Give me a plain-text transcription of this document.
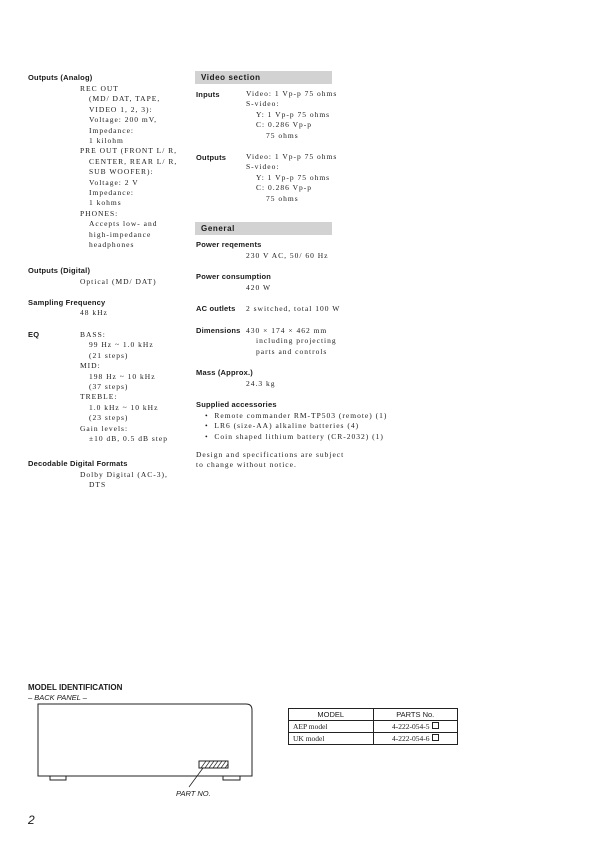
Outputs (Analog)
REC OUT
(MD/ DAT, TAPE,
VIDEO 1, 2, 3):
Voltage: 200 mV,
Impedance:
1 kilohm
PRE OUT (FRONT L/ R,
CENTER, REAR L/ R,
SUB WOOFER):
Voltage: 2 V
Impedance:
1 kohms
PHONES:
Accepts low- and
high-impedance
headphones
Outputs (Digital)
Optical (MD/ DAT)
Sampling Frequency
48 kHz
EQ	BASS:
99 Hz ~ 1.0 kHz
(21 steps)
MID:
198 Hz ~ 10 kHz
(37 steps)
TREBLE:
1.0 kHz ~ 10 kHz
(23 steps)
Gain levels:
±10 dB, 0.5 dB step
Decodable Digital Formats
Dolby Digital (AC-3),
DTS
Video section
Inputs	Video: 1 Vp-p 75 ohms
S-video:
Y: 1 Vp-p 75 ohms
C: 0.286 Vp-p
75 ohms
Outputs	Video: 1 Vp-p 75 ohms
S-video:
Y: 1 Vp-p 75 ohms
C: 0.286 Vp-p
75 ohms
General
Power reqements
230 V AC, 50/ 60 Hz
Power consumption
420 W
AC outlets 2 switched, total 100 W
Dimensions 430 × 174 × 462 mm
including projecting
parts and controls
Mass (Approx.)
24.3 kg
Supplied accessories
•  Remote commander RM-TP503 (remote) (1)
•  LR6 (size-AA) alkaline batteries (4)
•  Coin shaped lithium battery (CR-2032) (1)
Design and specifications are subject
to change without notice.
MODEL IDENTIFICATION
– BACK PANEL –
PART NO.
MODEL	PARTS No.
AEP model	4-222-054-5
UK model	4-222-054-6
2
